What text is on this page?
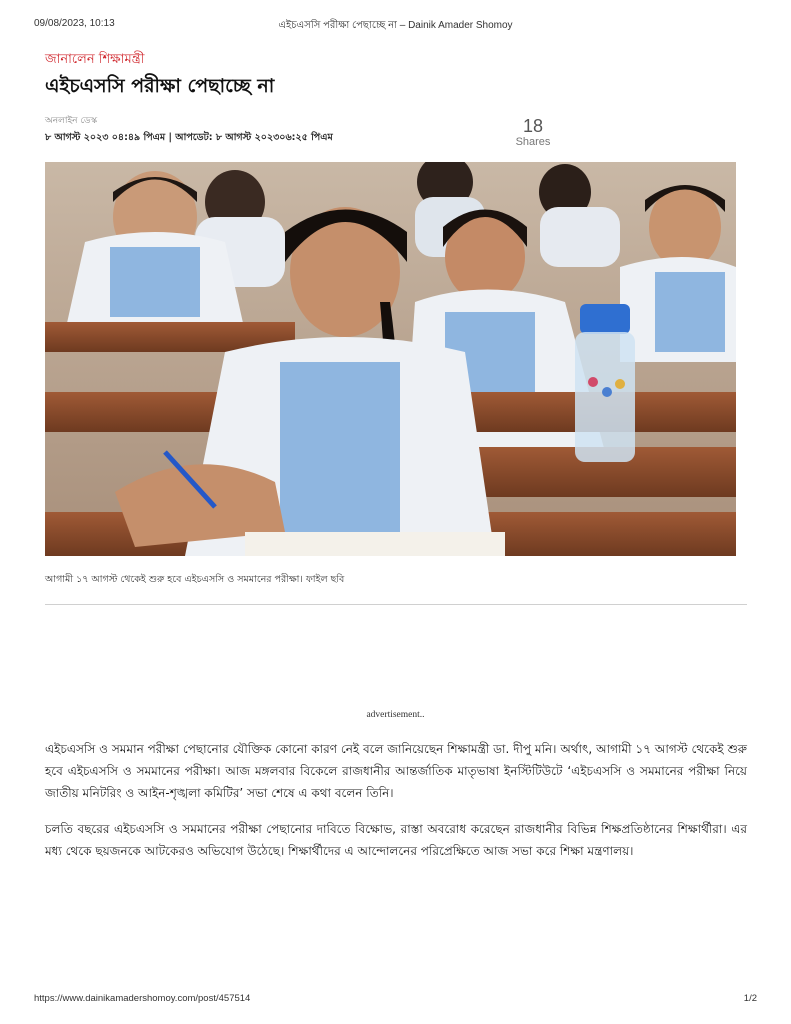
09/08/2023, 10:13	এইচএসসি পরীক্ষা পেছাচ্ছে না – Dainik Amader Shomoy
জানালেন শিক্ষামন্ত্রী
এইচএসসি পরীক্ষা পেছাচ্ছে না
অনলাইন ডেস্ক
৮ আগস্ট ২০২৩ ০৪:৪৯ পিএম | আপডেট: ৮ আগস্ট ২০২৩০৬:২৫ পিএম
18
Shares
আগামী ১৭ আগস্ট থেকেই শুরু হবে এইচএসসি ও সমমানের পরীক্ষা। ফাইল ছবি
advertisement..

এইচএসসি ও সমমান পরীক্ষা পেছানোর যৌক্তিক কোনো কারণ নেই বলে জানিয়েছেন শিক্ষামন্ত্রী ডা. দীপু মনি। অর্থাৎ, আগামী ১৭ আগস্ট থেকেই শুরু হবে এইচএসসি ও সমমানের পরীক্ষা। আজ মঙ্গলবার বিকেলে রাজধানীর আন্তর্জাতিক মাতৃভাষা ইনস্টিটিউটে ‘এইচএসসি ও সমমানের পরীক্ষা নিয়ে জাতীয় মনিটরিং ও আইন-শৃঙ্খলা কমিটির’ সভা শেষে এ কথা বলেন তিনি।

চলতি বছরের এইচএসসি ও সমমানের পরীক্ষা পেছানোর দাবিতে বিক্ষোভ, রাস্তা অবরোধ করেছেন রাজধানীর বিভিন্ন শিক্ষপ্রতিষ্ঠানের শিক্ষার্থীরা। এর মধ্য থেকে ছয়জনকে আটকেরও অভিযোগ উঠেছে। শিক্ষার্থীদের এ আন্দোলনের পরিপ্রেক্ষিতে আজ সভা করে শিক্ষা মন্ত্রণালয়।

https://www.dainikamadershomoy.com/post/457514	1/2
